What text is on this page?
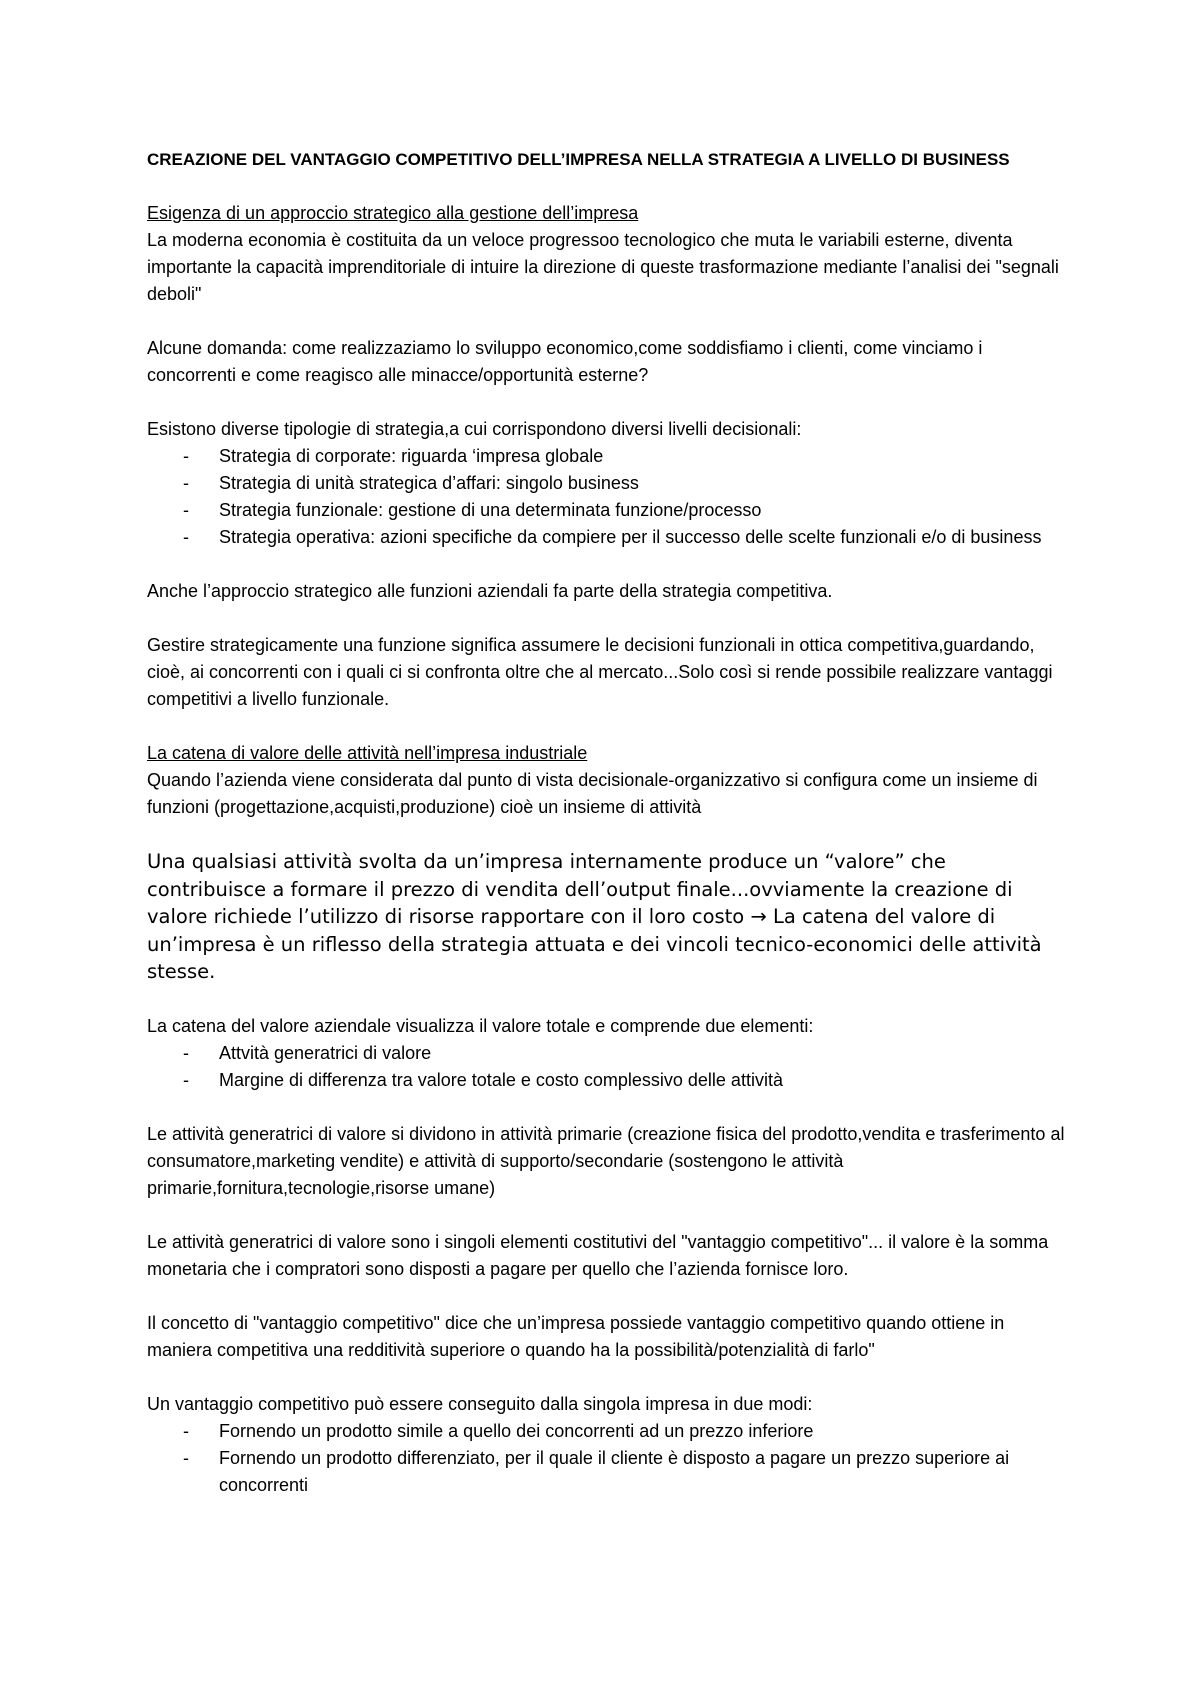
CREAZIONE DEL VANTAGGIO COMPETITIVO DELL’IMPRESA NELLA STRATEGIA A LIVELLO DI BUSINESS

Esigenza di un approccio strategico alla gestione dell’impresa

La moderna economia è costituita da un veloce progressoo tecnologico che muta le variabili esterne, diventa importante la capacità imprenditoriale di intuire la direzione di queste trasformazione mediante l’analisi dei "segnali deboli"

Alcune domanda: come realizzaziamo lo sviluppo economico,come soddisfiamo i clienti, come vinciamo i concorrenti e come reagisco alle minacce/opportunità esterne?

Esistono diverse tipologie di strategia,a cui corrispondono diversi livelli decisionali:

- Strategia di corporate: riguarda ‘impresa globale
- Strategia di unità strategica d’affari: singolo business
- Strategia funzionale: gestione di una determinata funzione/processo
- Strategia operativa: azioni specifiche da compiere per il successo delle scelte funzionali e/o di business

Anche l’approccio strategico alle funzioni aziendali fa parte della strategia competitiva.

Gestire strategicamente una funzione significa assumere le decisioni funzionali in ottica competitiva,guardando, cioè, ai concorrenti con i quali ci si confronta oltre che al mercato...Solo così si rende possibile realizzare vantaggi competitivi a livello funzionale.

La catena di valore delle attività nell’impresa industriale

Quando l’azienda viene considerata dal punto di vista decisionale-organizzativo si configura come un insieme di funzioni (progettazione,acquisti,produzione) cioè un insieme di attività

Una qualsiasi attività svolta da un’impresa internamente produce un “valore” che contribuisce a formare il prezzo di vendita dell’output finale...ovviamente la creazione di valore richiede l’utilizzo di risorse rapportare con il loro costo → La catena del valore di un’impresa è un riflesso della strategia attuata e dei vincoli tecnico-economici delle attività stesse.

La catena del valore aziendale visualizza il valore totale e comprende due elementi:

- Attvità generatrici di valore
- Margine di differenza tra valore totale e costo complessivo delle attività

Le attività generatrici di valore si dividono in attività primarie (creazione fisica del prodotto,vendita e trasferimento al consumatore,marketing vendite) e attività di supporto/secondarie (sostengono le attività primarie,fornitura,tecnologie,risorse umane)

Le attività generatrici di valore sono i singoli elementi costitutivi del "vantaggio competitivo"... il valore è la somma monetaria che i compratori sono disposti a pagare per quello che l’azienda fornisce loro.

Il concetto di "vantaggio competitivo" dice che un’impresa possiede vantaggio competitivo quando ottiene in maniera competitiva una redditività superiore o quando ha la possibilità/potenzialità di farlo"

Un vantaggio competitivo può essere conseguito dalla singola impresa in due modi:

- Fornendo un prodotto simile a quello dei concorrenti ad un prezzo inferiore
- Fornendo un prodotto differenziato, per il quale il cliente è disposto a pagare un prezzo superiore ai concorrenti
